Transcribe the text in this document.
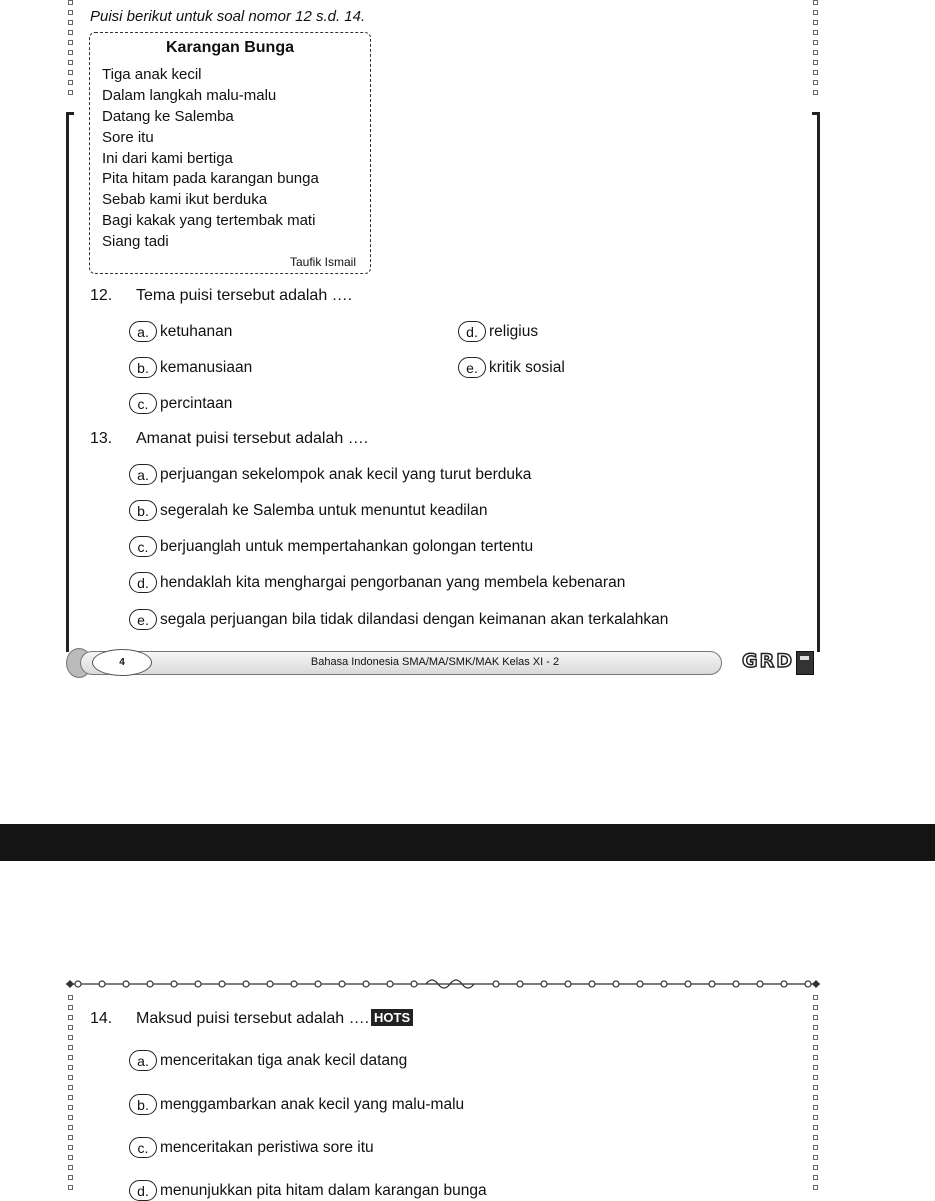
Puisi berikut untuk soal nomor 12 s.d. 14.
Karangan Bunga
Tiga anak kecil
Dalam langkah malu-malu
Datang ke Salemba
Sore itu
Ini dari kami bertiga
Pita hitam pada karangan bunga
Sebab kami ikut berduka
Bagi kakak yang tertembak mati
Siang tadi
Taufik Ismail
12. Tema puisi tersebut adalah ….
a. ketuhanan
b. kemanusiaan
c. percintaan
d. religius
e. kritik sosial
13. Amanat puisi tersebut adalah ….
a. perjuangan sekelompok anak kecil yang turut berduka
b. segeralah ke Salemba untuk menuntut keadilan
c. berjuanglah untuk mempertahankan golongan tertentu
d. hendaklah kita menghargai pengorbanan yang membela kebenaran
e. segala perjuangan bila tidak dilandasi dengan keimanan akan terkalahkan
4	Bahasa Indonesia SMA/MA/SMK/MAK Kelas XI - 2	GRD
14. Maksud puisi tersebut adalah …. HOTS
a. menceritakan tiga anak kecil datang
b. menggambarkan anak kecil yang malu-malu
c. menceritakan peristiwa sore itu
d. menunjukkan pita hitam dalam karangan bunga
